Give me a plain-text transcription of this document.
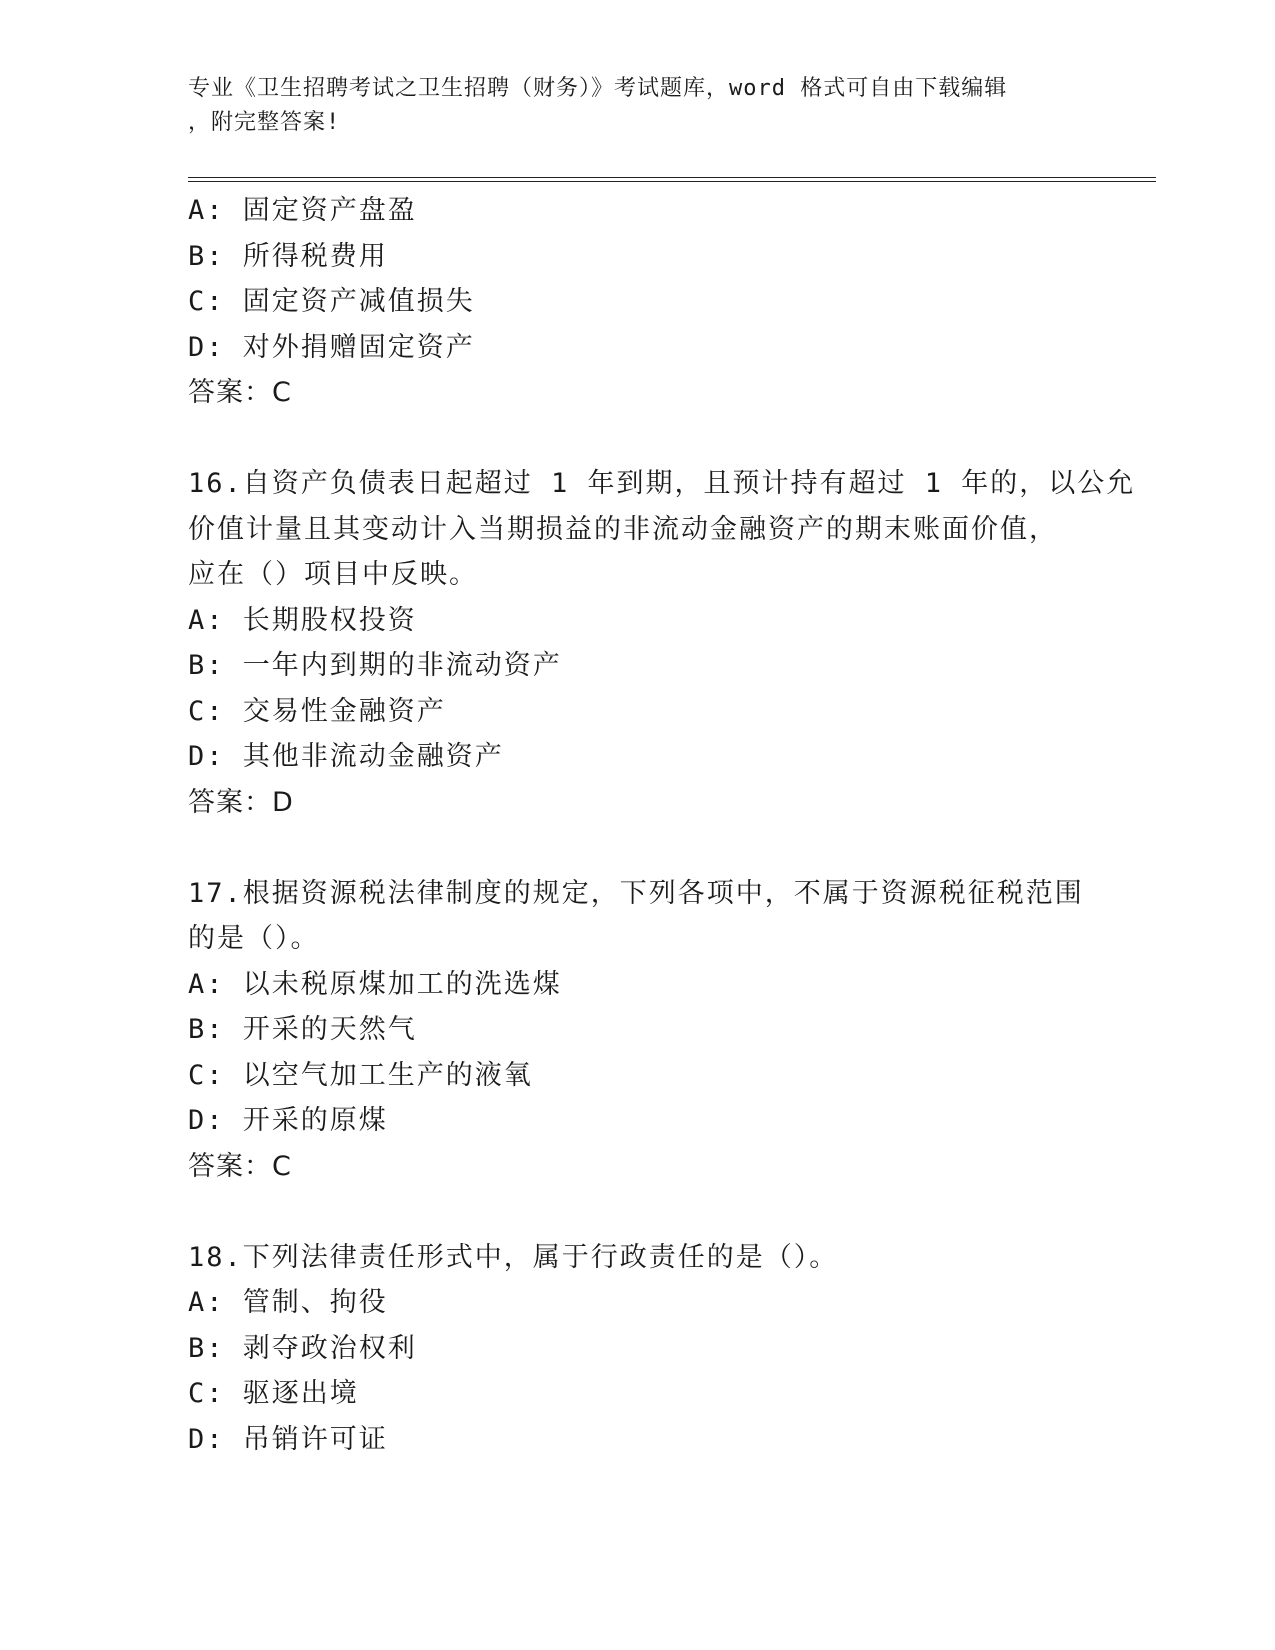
专业《卫生招聘考试之卫生招聘（财务）》考试题库，word 格式可自由下载编辑
，附完整答案!
A: 固定资产盘盈
B: 所得税费用
C: 固定资产减值损失
D: 对外捐赠固定资产
答案：C
16.自资产负债表日起超过 1 年到期，且预计持有超过 1 年的，以公允
价值计量且其变动计入当期损益的非流动金融资产的期末账面价值，
应在（）项目中反映。
A: 长期股权投资
B: 一年内到期的非流动资产
C: 交易性金融资产
D: 其他非流动金融资产
答案：D
17.根据资源税法律制度的规定，下列各项中，不属于资源税征税范围
的是（）。
A: 以未税原煤加工的洗选煤
B: 开采的天然气
C: 以空气加工生产的液氧
D: 开采的原煤
答案：C
18.下列法律责任形式中，属于行政责任的是（）。
A: 管制、拘役
B: 剥夺政治权利
C: 驱逐出境
D: 吊销许可证
